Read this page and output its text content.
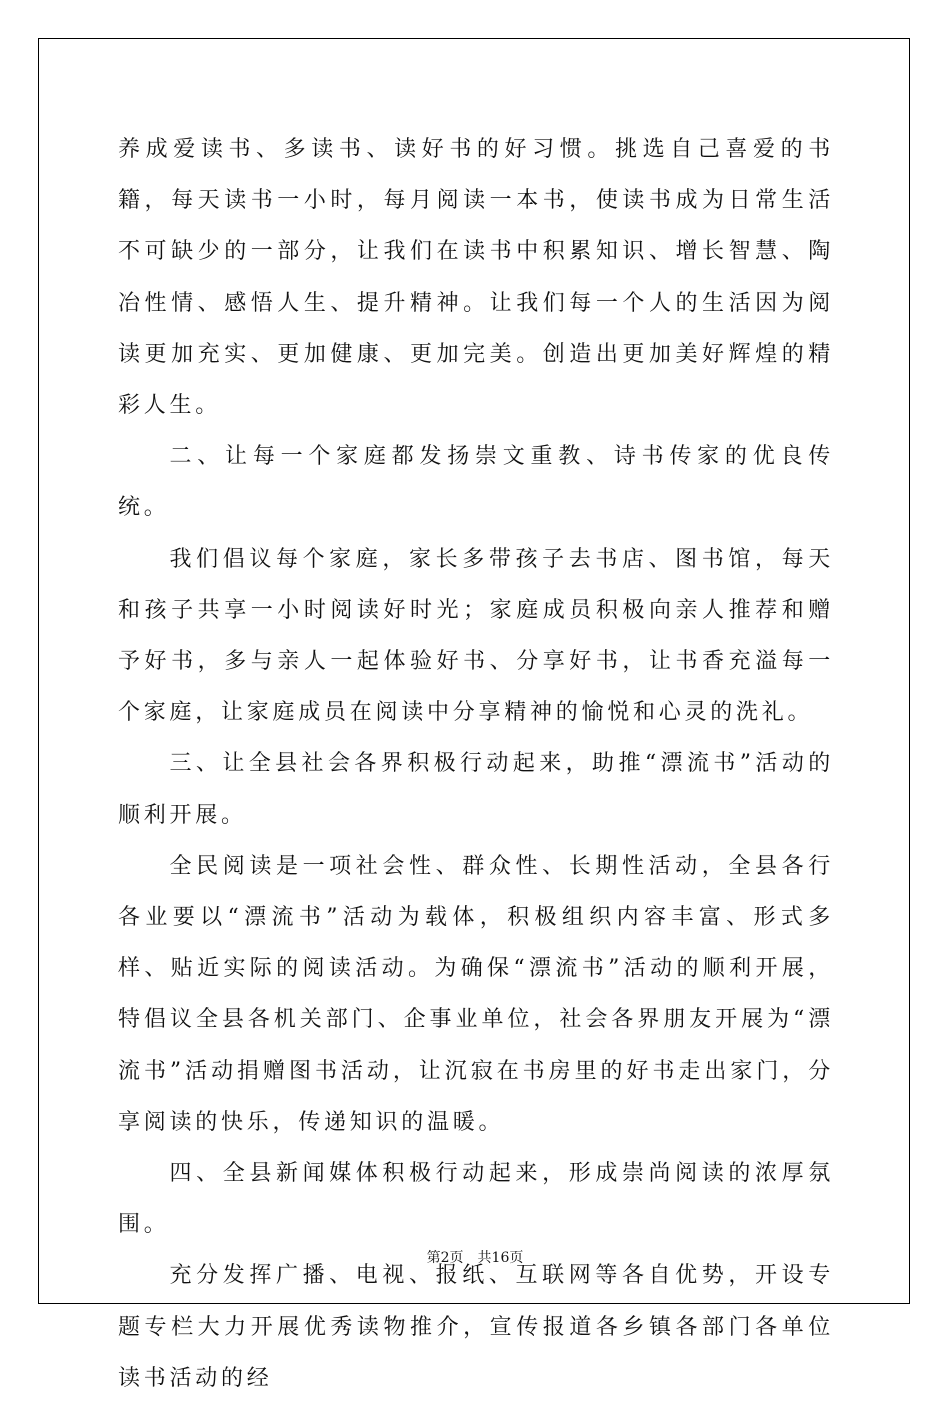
养成爱读书、多读书、读好书的好习惯。挑选自己喜爱的书籍，每天读书一小时，每月阅读一本书，使读书成为日常生活不可缺少的一部分，让我们在读书中积累知识、增长智慧、陶冶性情、感悟人生、提升精神。让我们每一个人的生活因为阅读更加充实、更加健康、更加完美。创造出更加美好辉煌的精彩人生。

二、让每一个家庭都发扬崇文重教、诗书传家的优良传统。

我们倡议每个家庭，家长多带孩子去书店、图书馆，每天和孩子共享一小时阅读好时光；家庭成员积极向亲人推荐和赠予好书，多与亲人一起体验好书、分享好书，让书香充溢每一个家庭，让家庭成员在阅读中分享精神的愉悦和心灵的洗礼。

三、让全县社会各界积极行动起来，助推“漂流书”活动的顺利开展。

全民阅读是一项社会性、群众性、长期性活动，全县各行各业要以“漂流书”活动为载体，积极组织内容丰富、形式多样、贴近实际的阅读活动。为确保“漂流书”活动的顺利开展，特倡议全县各机关部门、企事业单位，社会各界朋友开展为“漂流书”活动捐赠图书活动，让沉寂在书房里的好书走出家门，分享阅读的快乐，传递知识的温暖。

四、全县新闻媒体积极行动起来，形成崇尚阅读的浓厚氛围。

充分发挥广播、电视、报纸、互联网等各自优势，开设专题专栏大力开展优秀读物推介，宣传报道各乡镇各部门各单位读书活动的经

第2页 共16页
